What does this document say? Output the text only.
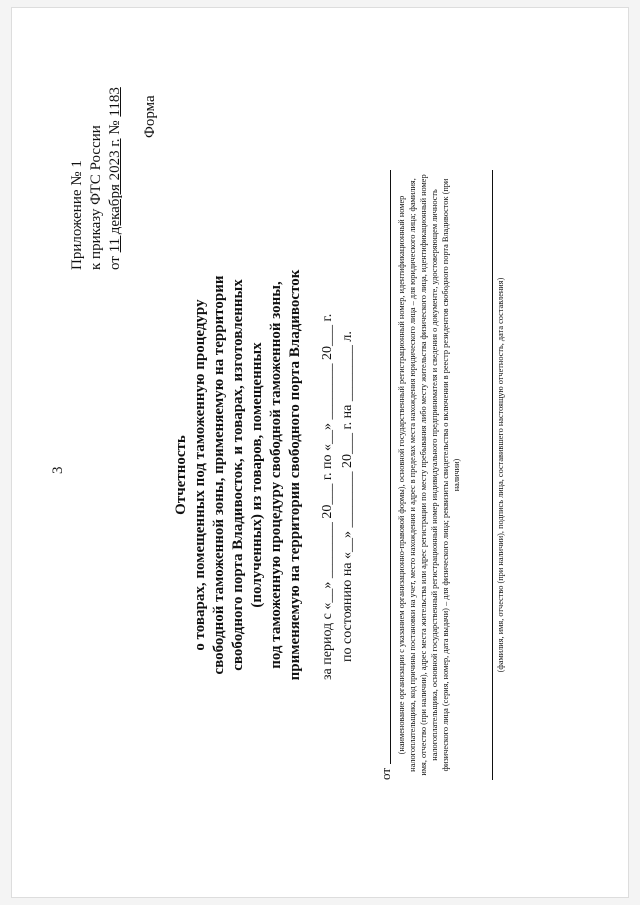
3
Приложение № 1 к приказу ФТС России от 11 декабря 2023 г. № 1183 Форма
Отчетность о товарах, помещенных под таможенную процедуру свободной таможенной зоны, применяемую на территории свободного порта Владивосток, и товарах, изготовленных (полученных) из товаров, помещенных под таможенную процедуру свободной таможенной зоны, применяемую на территории свободного порта Владивосток за период с «__» ________ 20___ г. по «__» ________ 20___ г. по состоянию на «__» ________ 20___ г. на ________ л.
от
(наименование организации с указанием организационно-правовой формы), основной государственный регистрационный номер, идентификационный номер налогоплательщика, код причины постановки на учет, место нахождения и адрес в пределах места нахождения юридического лица – для юридического лица; фамилия, имя, отчество (при наличии), адрес места жительства или адрес регистрации по месту пребывания либо месту жительства физического лица, идентификационный номер налогоплательщика, основной государственный регистрационный номер индивидуального предпринимателя и сведения о документе, удостоверяющем личность физического лица (серия, номер, дата выдачи) – для физического лица; реквизиты свидетельства о включении в реестр резидентов свободного порта Владивосток (при наличии)	(фамилия, имя, отчество (при наличии), подпись лица, составившего настоящую отчетность, дата составления)
